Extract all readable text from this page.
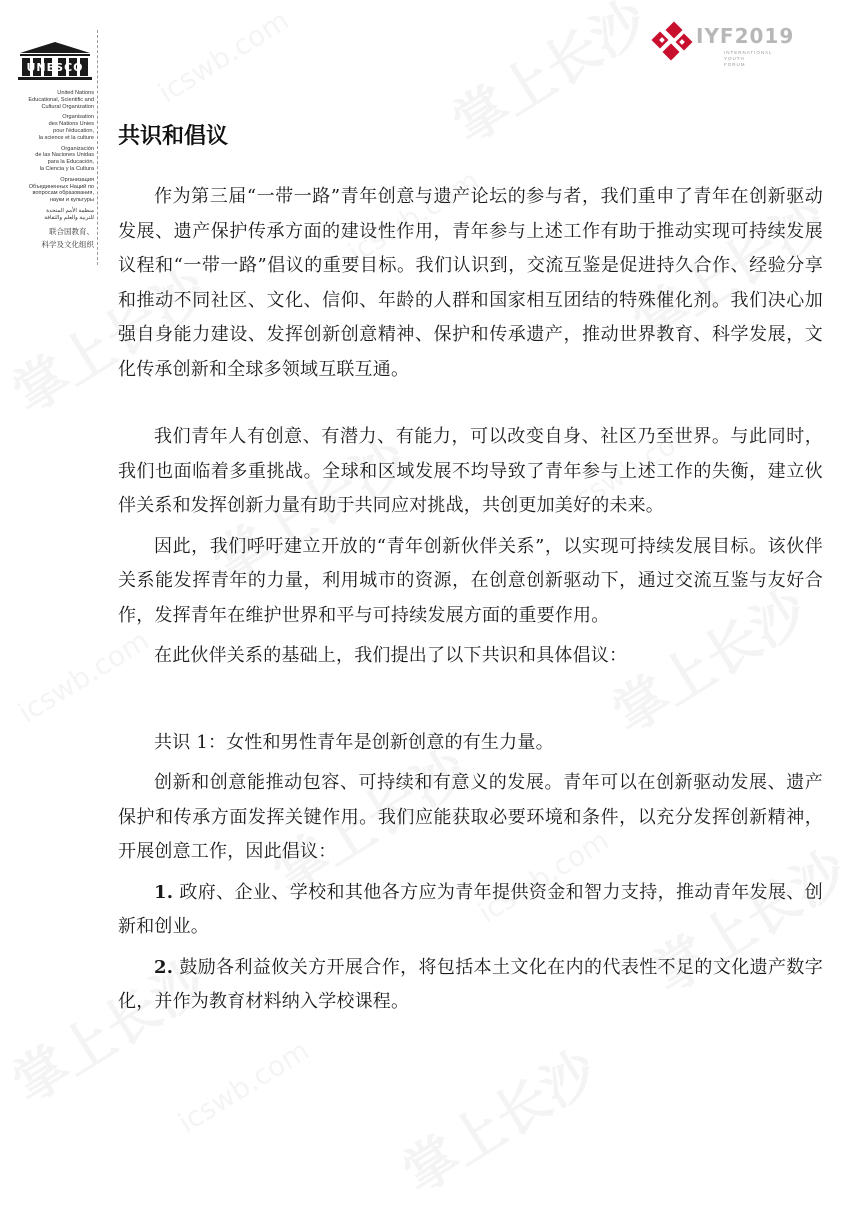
UNESCO
United Nations
Educational, Scientific and
Cultural Organization
Organisation
des Nations Unies
pour l'éducation,
la science et la culture
Organización
de las Naciones Unidas
para la Educación,
la Ciencia y la Cultura
Организация
Объединенных Наций по
вопросам образования,
науки и культуры
منظمة الأمم المتحدة
للتربية والعلم والثقافة
联合国教育、
科学及文化组织
IYF2019
INTERNATIONAL
YOUTH
FORUM
共识和倡议

作为第三届“一带一路”青年创意与遗产论坛的参与者，我们重申了青年在创新驱动发展、遗产保护传承方面的建设性作用，青年参与上述工作有助于推动实现可持续发展议程和“一带一路”倡议的重要目标。我们认识到，交流互鉴是促进持久合作、经验分享和推动不同社区、文化、信仰、年龄的人群和国家相互团结的特殊催化剂。我们决心加强自身能力建设、发挥创新创意精神、保护和传承遗产，推动世界教育、科学发展，文化传承创新和全球多领域互联互通。

我们青年人有创意、有潜力、有能力，可以改变自身、社区乃至世界。与此同时，我们也面临着多重挑战。全球和区域发展不均导致了青年参与上述工作的失衡，建立伙伴关系和发挥创新力量有助于共同应对挑战，共创更加美好的未来。

因此，我们呼吁建立开放的“青年创新伙伴关系”，以实现可持续发展目标。该伙伴关系能发挥青年的力量，利用城市的资源，在创意创新驱动下，通过交流互鉴与友好合作，发挥青年在维护世界和平与可持续发展方面的重要作用。

在此伙伴关系的基础上，我们提出了以下共识和具体倡议：

共识 1：女性和男性青年是创新创意的有生力量。

创新和创意能推动包容、可持续和有意义的发展。青年可以在创新驱动发展、遗产保护和传承方面发挥关键作用。我们应能获取必要环境和条件，以充分发挥创新精神，开展创意工作，因此倡议：

1. 政府、企业、学校和其他各方应为青年提供资金和智力支持，推动青年发展、创新和创业。

2. 鼓励各利益攸关方开展合作，将包括本土文化在内的代表性不足的文化遗产数字化，并作为教育材料纳入学校课程。
